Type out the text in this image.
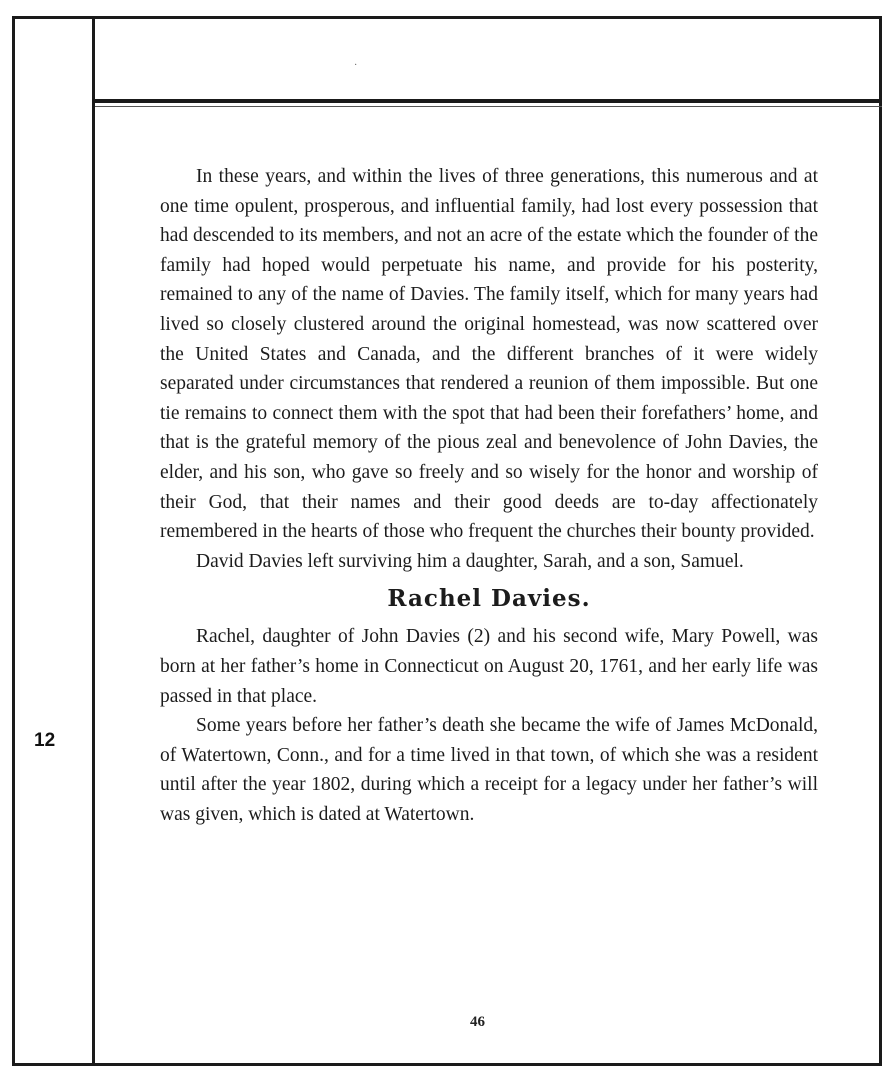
·
12

In these years, and within the lives of three generations, this numerous and at one time opulent, prosperous, and influential family, had lost every possession that had descended to its members, and not an acre of the estate which the founder of the family had hoped would perpetuate his name, and provide for his posterity, remained to any of the name of Davies. The family itself, which for many years had lived so closely clustered around the original homestead, was now scattered over the United States and Canada, and the different branches of it were widely separated under circumstances that rendered a reunion of them impossible. But one tie remains to connect them with the spot that had been their forefathers’ home, and that is the grateful memory of the pious zeal and benevolence of John Davies, the elder, and his son, who gave so freely and so wisely for the honor and worship of their God, that their names and their good deeds are to-day affectionately remembered in the hearts of those who frequent the churches their bounty provided.

David Davies left surviving him a daughter, Sarah, and a son, Samuel.

Rachel Davies.

Rachel, daughter of John Davies (2) and his second wife, Mary Powell, was born at her father’s home in Connecticut on August 20, 1761, and her early life was passed in that place.

Some years before her father’s death she became the wife of James McDonald, of Watertown, Conn., and for a time lived in that town, of which she was a resident until after the year 1802, during which a receipt for a legacy under her father’s will was given, which is dated at Watertown.

46
